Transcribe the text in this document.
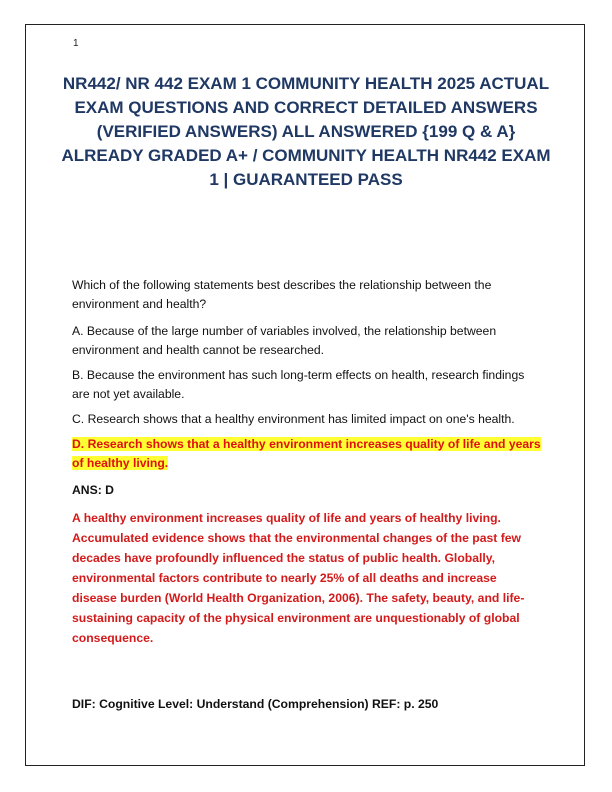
1
NR442/ NR 442 EXAM 1 COMMUNITY HEALTH 2025 ACTUAL EXAM QUESTIONS AND CORRECT DETAILED ANSWERS (VERIFIED ANSWERS) ALL ANSWERED {199 Q & A} ALREADY GRADED A+ / COMMUNITY HEALTH NR442 EXAM 1 | GUARANTEED PASS

Which of the following statements best describes the relationship between the environment and health?

A. Because of the large number of variables involved, the relationship between environment and health cannot be researched.

B. Because the environment has such long-term effects on health, research findings are not yet available.

C. Research shows that a healthy environment has limited impact on one's health.

D. Research shows that a healthy environment increases quality of life and years of healthy living.

ANS: D

A healthy environment increases quality of life and years of healthy living. Accumulated evidence shows that the environmental changes of the past few decades have profoundly influenced the status of public health. Globally, environmental factors contribute to nearly 25% of all deaths and increase disease burden (World Health Organization, 2006). The safety, beauty, and life-sustaining capacity of the physical environment are unquestionably of global consequence.

DIF: Cognitive Level: Understand (Comprehension) REF: p. 250
